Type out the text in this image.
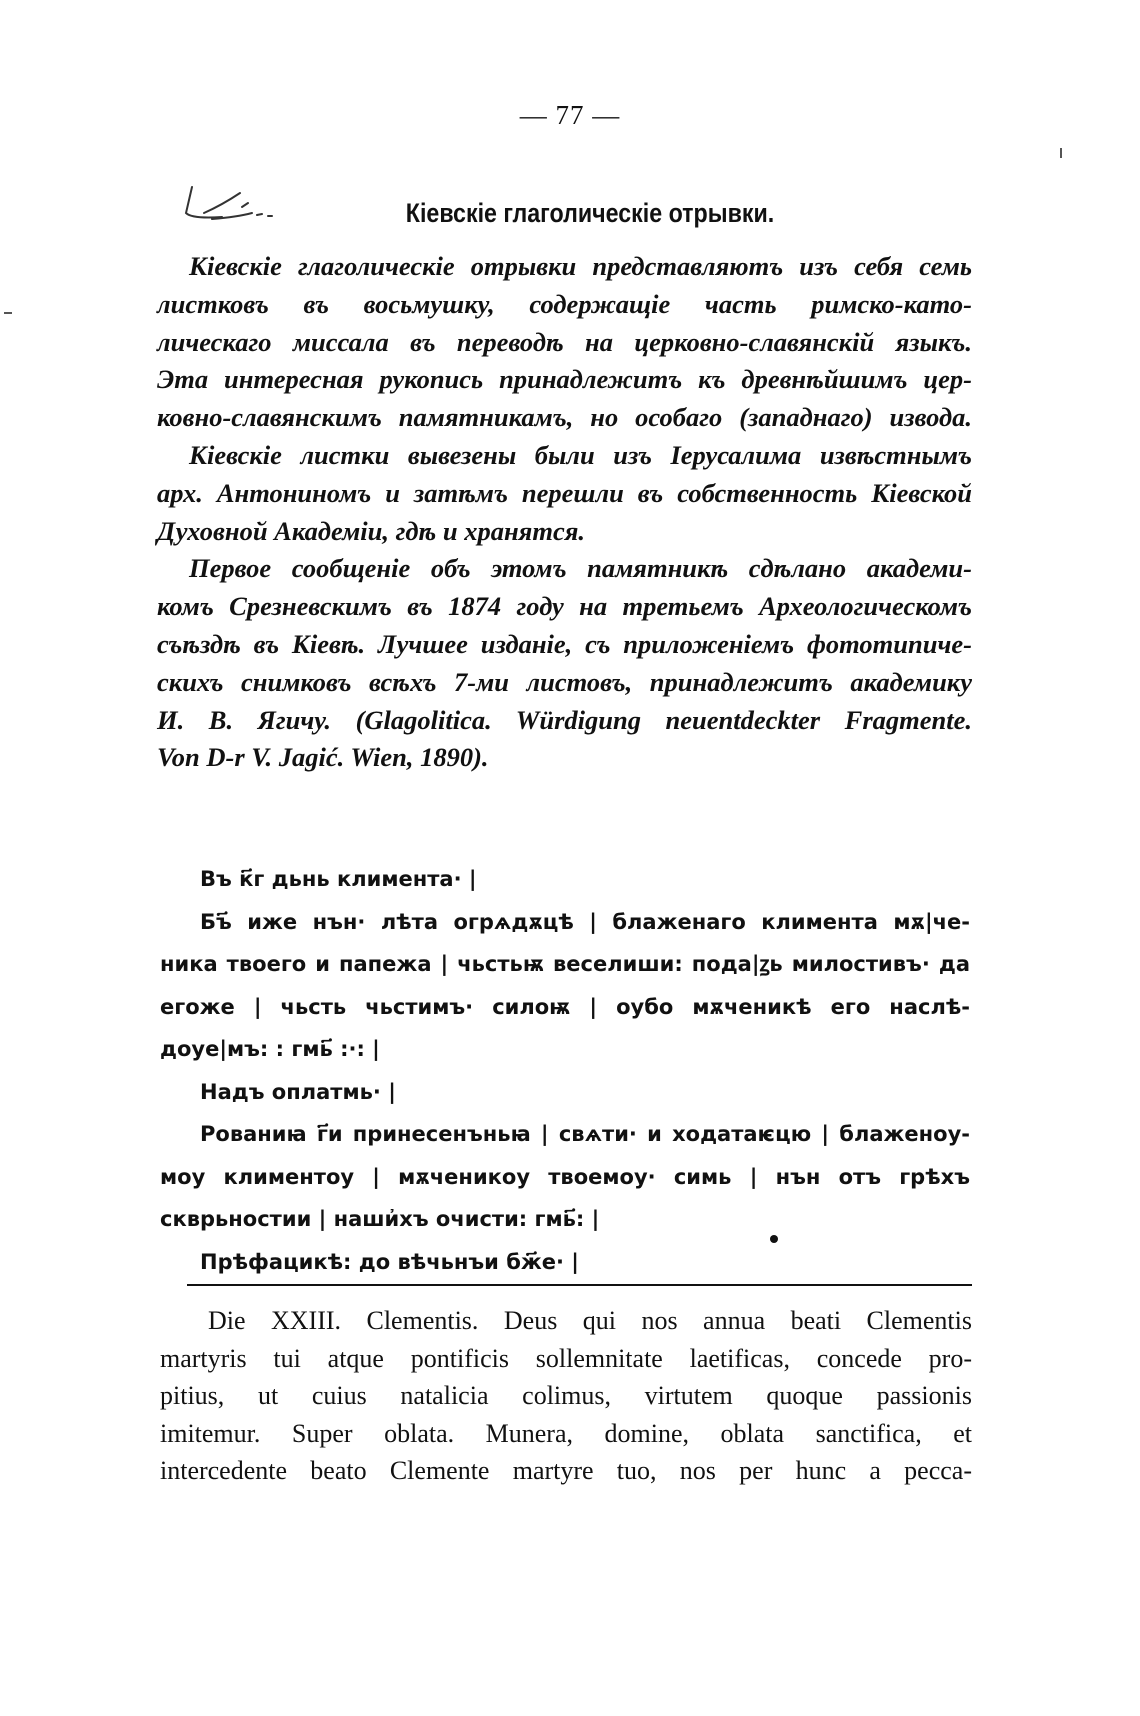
— 77 —
Кіевскіе глаголическіе отрывки.
Кіевскіе глаголическіе отрывки представляютъ изъ себя семь
листковъ въ восьмушку, содержащіе часть римско-като-
лическаго миссала въ переводѣ на церковно-славянскій языкъ.
Эта интересная рукопись принадлежитъ къ древнѣйшимъ цер-
ковно-славянскимъ памятникамъ, но особаго (западнаго) извода.
Кіевскіе листки вывезены были изъ Іерусалима извѣстнымъ
арх. Антониномъ и затѣмъ перешли въ собственность Кіевской
Духовной Академіи, гдѣ и хранятся.
Первое сообщеніе объ этомъ памятникѣ сдѣлано академи-
комъ Срезневскимъ въ 1874 году на третьемъ Археологическомъ
съѣздѣ въ Кіевѣ. Лучшее изданіе, съ приложеніемъ фототипиче-
скихъ снимковъ всѣхъ 7-ми листовъ, принадлежитъ академику
И. В. Ягичу. (Glagolitica. Würdigung neuentdeckter Fragmente.
Von D-r V. Jagić. Wien, 1890).
Въ к҃г дьнь климента· |
Бъ҃ иже нън· лѣта огрѧдѫцѣ | блаженаго климента мѫ|че-
ника твоего и папежа | чьстьѭ веселиши: пода|ꙁь милостивъ· да
егоже | чьсть чьстимъ· силоѭ | оубо мѫченикѣ его наслѣ-
доуе|мъ: : гмь҃ :·: |
Надъ оплатмь· |
Рованиꙗ г҃и принесенъньꙗ | свѧти· и ходатаѥцю | блаженоу-
моу климентоу | мѫченикоу твоемоу· симь | нън отъ грѣхъ
скврьностии | наши҆хъ очисти: гмь҃: |
Прѣфацикѣ: до вѣчьнъи бж҃е· |
Die XXIII. Clementis. Deus qui nos annua beati Clementis
martyris tui atque pontificis sollemnitate laetificas, concede pro-
pitius, ut cuius natalicia colimus, virtutem quoque passionis
imitemur. Super oblata. Munera, domine, oblata sanctifica, et
intercedente beato Clemente martyre tuo, nos per hunc a pecca-
